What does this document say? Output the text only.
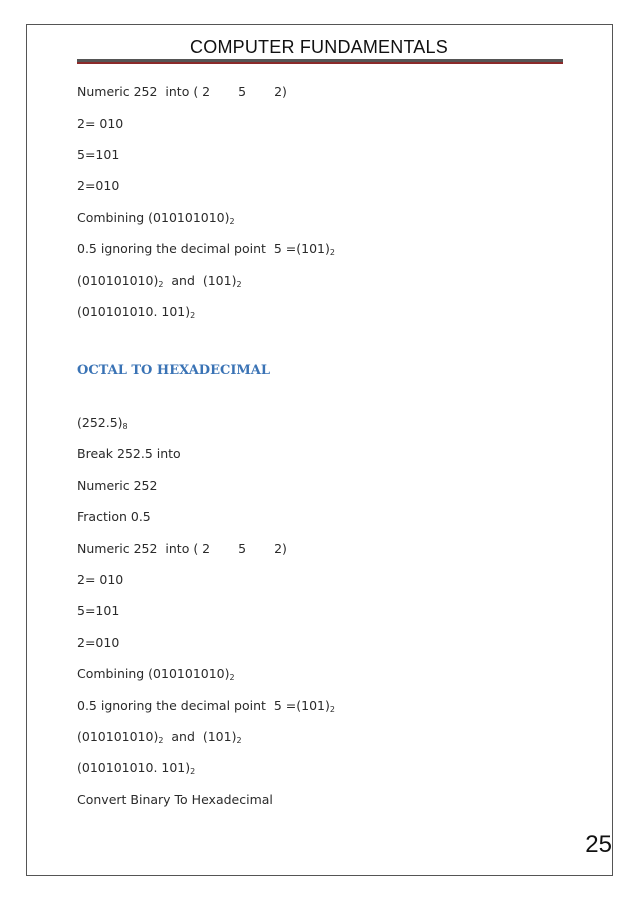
COMPUTER FUNDAMENTALS
Numeric 252  into ( 2 5 2)
2= 010
5=101
2=010
Combining $(010101010)_2$
0.5 ignoring the decimal point  $5 =(101)_2$
$(010101010)_2$  and  $(101)_2$
(010101010. $101)_2$
OCTAL TO HEXADECIMAL
$(252.5)_8$
Break 252.5 into
Numeric 252
Fraction 0.5
Numeric 252  into ( 2 5 2)
2= 010
5=101
2=010
Combining $(010101010)_2$
0.5 ignoring the decimal point  $5 =(101)_2$
$(010101010)_2$  and  $(101)_2$
(010101010. $101)_2$
Convert Binary To Hexadecimal
25
